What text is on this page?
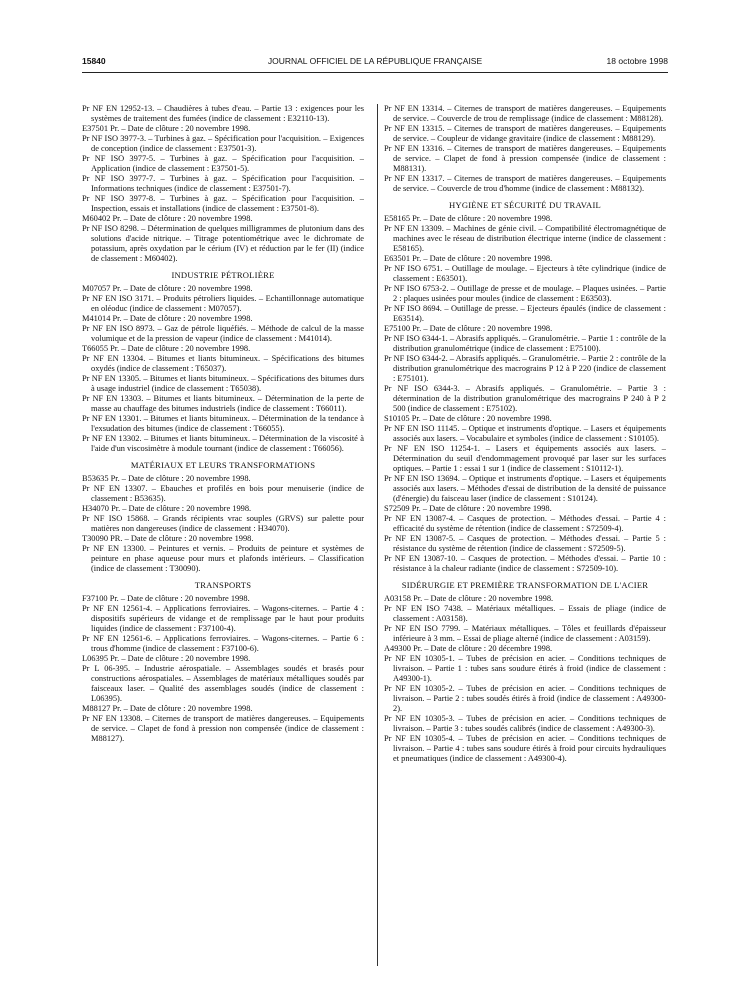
15840	JOURNAL OFFICIEL DE LA RÉPUBLIQUE FRANÇAISE	18 octobre 1998

Pr NF EN 12952-13. – Chaudières à tubes d'eau. – Partie 13 : exigences pour les systèmes de traitement des fumées (indice de classement : E32110-13).

E37501 Pr. – Date de clôture : 20 novembre 1998.

Pr NF ISO 3977-3. – Turbines à gaz. – Spécification pour l'acquisition. – Exigences de conception (indice de classement : E37501-3).

Pr NF ISO 3977-5. – Turbines à gaz. – Spécification pour l'acquisition. – Application (indice de classement : E37501-5).

Pr NF ISO 3977-7. – Turbines à gaz. – Spécification pour l'acquisition. – Informations techniques (indice de classement : E37501-7).

Pr NF ISO 3977-8. – Turbines à gaz. – Spécification pour l'acquisition. – Inspection, essais et installations (indice de classement : E37501-8).

M60402 Pr. – Date de clôture : 20 novembre 1998.

Pr NF ISO 8298. – Détermination de quelques milligrammes de plutonium dans des solutions d'acide nitrique. – Titrage potentiométrique avec le dichromate de potassium, après oxydation par le cérium (IV) et réduction par le fer (II) (indice de classement : M60402).

INDUSTRIE PÉTROLIÈRE

M07057 Pr. – Date de clôture : 20 novembre 1998.

Pr NF EN ISO 3171. – Produits pétroliers liquides. – Echantillonnage automatique en oléoduc (indice de classement : M07057).

M41014 Pr. – Date de clôture : 20 novembre 1998.

Pr NF EN ISO 8973. – Gaz de pétrole liquéfiés. – Méthode de calcul de la masse volumique et de la pression de vapeur (indice de classement : M41014).

T66055 Pr. – Date de clôture : 20 novembre 1998.

Pr NF EN 13304. – Bitumes et liants bitumineux. – Spécifications des bitumes oxydés (indice de classement : T65037).

Pr NF EN 13305. – Bitumes et liants bitumineux. – Spécifications des bitumes durs à usage industriel (indice de classement : T65038).

Pr NF EN 13303. – Bitumes et liants bitumineux. – Détermination de la perte de masse au chauffage des bitumes industriels (indice de classement : T66011).

Pr NF EN 13301. – Bitumes et liants bitumineux. – Détermination de la tendance à l'exsudation des bitumes (indice de classement : T66055).

Pr NF EN 13302. – Bitumes et liants bitumineux. – Détermination de la viscosité à l'aide d'un viscosimètre à module tournant (indice de classement : T66056).

MATÉRIAUX ET LEURS TRANSFORMATIONS

B53635 Pr. – Date de clôture : 20 novembre 1998.

Pr NF EN 13307. – Ebauches et profilés en bois pour menuiserie (indice de classement : B53635).

H34070 Pr. – Date de clôture : 20 novembre 1998.

Pr NF ISO 15868. – Grands récipients vrac souples (GRVS) sur palette pour matières non dangereuses (indice de classement : H34070).

T30090 PR. – Date de clôture : 20 novembre 1998.

Pr NF EN 13300. – Peintures et vernis. – Produits de peinture et systèmes de peinture en phase aqueuse pour murs et plafonds intérieurs. – Classification (indice de classement : T30090).

TRANSPORTS

F37100 Pr. – Date de clôture : 20 novembre 1998.

Pr NF EN 12561-4. – Applications ferroviaires. – Wagons-citernes. – Partie 4 : dispositifs supérieurs de vidange et de remplissage par le haut pour produits liquides (indice de classement : F37100-4).

Pr NF EN 12561-6. – Applications ferroviaires. – Wagons-citernes. – Partie 6 : trous d'homme (indice de classement : F37100-6).

L06395 Pr. – Date de clôture : 20 novembre 1998.

Pr L 06-395. – Industrie aérospatiale. – Assemblages soudés et brasés pour constructions aérospatiales. – Assemblages de matériaux métalliques soudés par faisceaux laser. – Qualité des assemblages soudés (indice de classement : L06395).

M88127 Pr. – Date de clôture : 20 novembre 1998.

Pr NF EN 13308. – Citernes de transport de matières dangereuses. – Equipements de service. – Clapet de fond à pression non compensée (indice de classement : M88127).

Pr NF EN 13314. – Citernes de transport de matières dangereuses. – Equipements de service. – Couvercle de trou de remplissage (indice de classement : M88128).

Pr NF EN 13315. – Citernes de transport de matières dangereuses. – Equipements de service. – Coupleur de vidange gravitaire (indice de classement : M88129).

Pr NF EN 13316. – Citernes de transport de matières dangereuses. – Equipements de service. – Clapet de fond à pression compensée (indice de classement : M88131).

Pr NF EN 13317. – Citernes de transport de matières dangereuses. – Equipements de service. – Couvercle de trou d'homme (indice de classement : M88132).

HYGIÈNE ET SÉCURITÉ DU TRAVAIL

E58165 Pr. – Date de clôture : 20 novembre 1998.

Pr NF EN 13309. – Machines de génie civil. – Compatibilité électromagnétique de machines avec le réseau de distribution électrique interne (indice de classement : E58165).

E63501 Pr. – Date de clôture : 20 novembre 1998.

Pr NF ISO 6751. – Outillage de moulage. – Ejecteurs à tête cylindrique (indice de classement : E63501).

Pr NF ISO 6753-2. – Outillage de presse et de moulage. – Plaques usinées. – Partie 2 : plaques usinées pour moules (indice de classement : E63503).

Pr NF ISO 8694. – Outillage de presse. – Ejecteurs épaulés (indice de classement : E63514).

E75100 Pr. – Date de clôture : 20 novembre 1998.

Pr NF ISO 6344-1. – Abrasifs appliqués. – Granulométrie. – Partie 1 : contrôle de la distribution granulométrique (indice de classement : E75100).

Pr NF ISO 6344-2. – Abrasifs appliqués. – Granulométrie. – Partie 2 : contrôle de la distribution granulométrique des macrograins P 12 à P 220 (indice de classement : E75101).

Pr NF ISO 6344-3. – Abrasifs appliqués. – Granulométrie. – Partie 3 : détermination de la distribution granulométrique des macrograins P 240 à P 2 500 (indice de classement : E75102).

S10105 Pr. – Date de clôture : 20 novembre 1998.

Pr NF EN ISO 11145. – Optique et instruments d'optique. – Lasers et équipements associés aux lasers. – Vocabulaire et symboles (indice de classement : S10105).

Pr NF EN ISO 11254-1. – Lasers et équipements associés aux lasers. – Détermination du seuil d'endommagement provoqué par laser sur les surfaces optiques. – Partie 1 : essai 1 sur 1 (indice de classement : S10112-1).

Pr NF EN ISO 13694. – Optique et instruments d'optique. – Lasers et équipements associés aux lasers. – Méthodes d'essai de distribution de la densité de puissance (d'énergie) du faisceau laser (indice de classement : S10124).

S72509 Pr. – Date de clôture : 20 novembre 1998.

Pr NF EN 13087-4. – Casques de protection. – Méthodes d'essai. – Partie 4 : efficacité du système de rétention (indice de classement : S72509-4).

Pr NF EN 13087-5. – Casques de protection. – Méthodes d'essai. – Partie 5 : résistance du système de rétention (indice de classement : S72509-5).

Pr NF EN 13087-10. – Casques de protection. – Méthodes d'essai. – Partie 10 : résistance à la chaleur radiante (indice de classement : S72509-10).

SIDÉRURGIE ET PREMIÈRE TRANSFORMATION DE L'ACIER

A03158 Pr. – Date de clôture : 20 novembre 1998.

Pr NF EN ISO 7438. – Matériaux métalliques. – Essais de pliage (indice de classement : A03158).

Pr NF EN ISO 7799. – Matériaux métalliques. – Tôles et feuillards d'épaisseur inférieure à 3 mm. – Essai de pliage alterné (indice de classement : A03159).

A49300 Pr. – Date de clôture : 20 décembre 1998.

Pr NF EN 10305-1. – Tubes de précision en acier. – Conditions techniques de livraison. – Partie 1 : tubes sans soudure étirés à froid (indice de classement : A49300-1).

Pr NF EN 10305-2. – Tubes de précision en acier. – Conditions techniques de livraison. – Partie 2 : tubes soudés étirés à froid (indice de classement : A49300-2).

Pr NF EN 10305-3. – Tubes de précision en acier. – Conditions techniques de livraison. – Partie 3 : tubes soudés calibrés (indice de classement : A49300-3).

Pr NF EN 10305-4. – Tubes de précision en acier. – Conditions techniques de livraison. – Partie 4 : tubes sans soudure étirés à froid pour circuits hydrauliques et pneumatiques (indice de classement : A49300-4).
